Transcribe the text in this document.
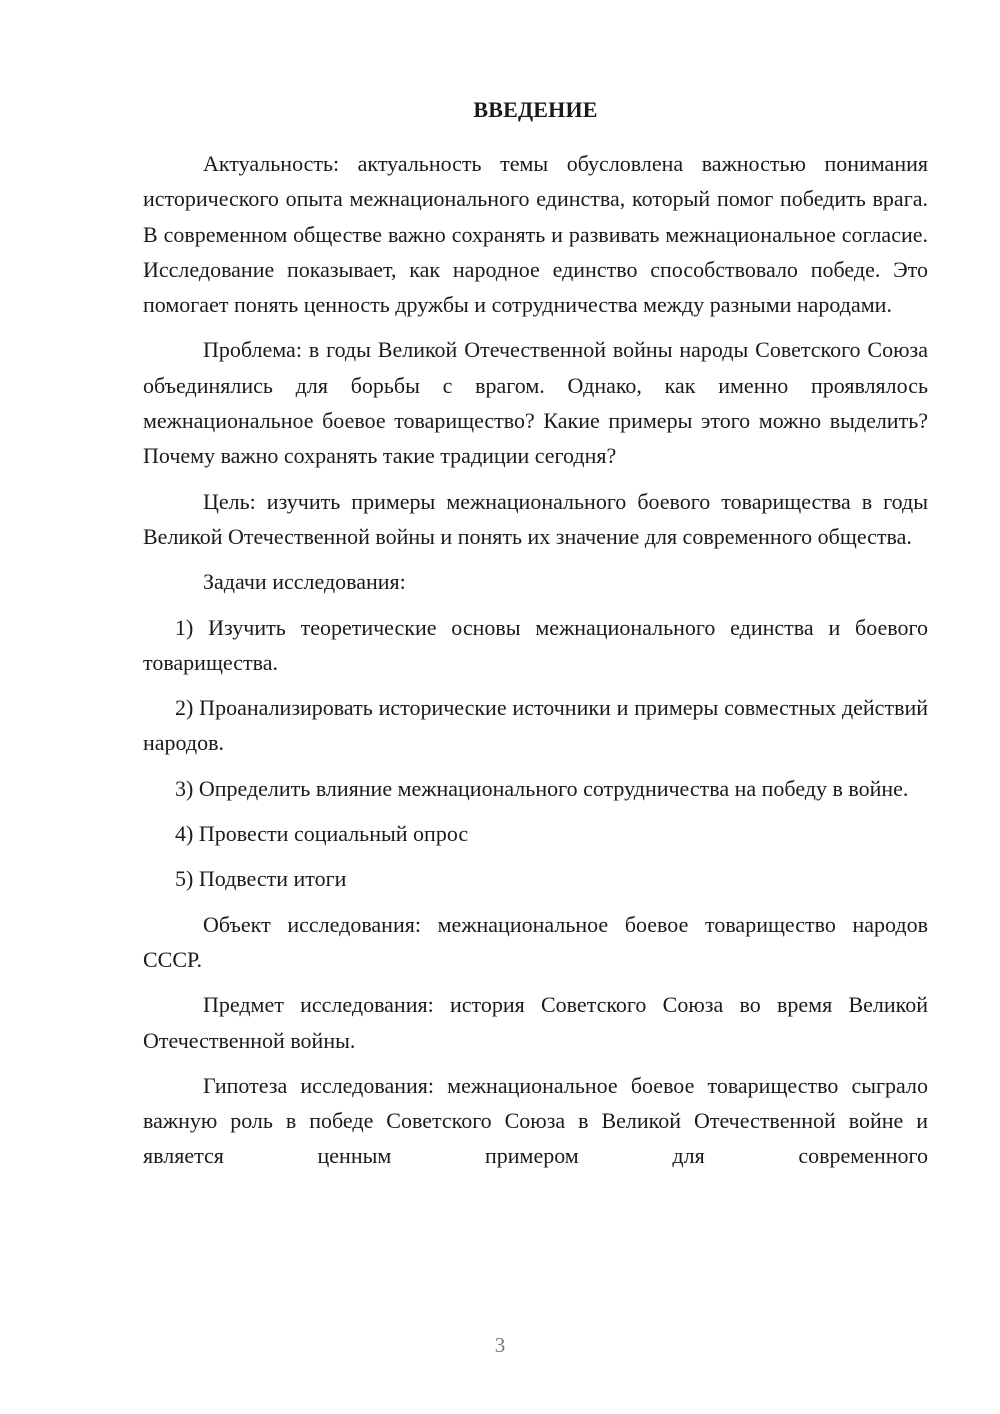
ВВЕДЕНИЕ

Актуальность: актуальность темы обусловлена важностью понимания исторического опыта межнационального единства, который помог победить врага. В современном обществе важно сохранять и развивать межнациональное согласие. Исследование показывает, как народное единство способствовало победе. Это помогает понять ценность дружбы и сотрудничества между разными народами.

Проблема: в годы Великой Отечественной войны народы Советского Союза объединялись для борьбы с врагом. Однако, как именно проявлялось межнациональное боевое товарищество? Какие примеры этого можно выделить? Почему важно сохранять такие традиции сегодня?

Цель: изучить примеры межнационального боевого товарищества в годы Великой Отечественной войны и понять их значение для современного общества.

Задачи исследования:

1) Изучить теоретические основы межнационального единства и боевого товарищества.

2) Проанализировать исторические источники и примеры совместных действий народов.

3) Определить влияние межнационального сотрудничества на победу в войне.

4) Провести социальный опрос

5) Подвести итоги

Объект исследования: межнациональное боевое товарищество народов СССР.

Предмет исследования: история Советского Союза во время Великой Отечественной войны.

Гипотеза исследования: межнациональное боевое товарищество сыграло важную роль в победе Советского Союза в Великой Отечественной войне и является ценным примером для современного

3
